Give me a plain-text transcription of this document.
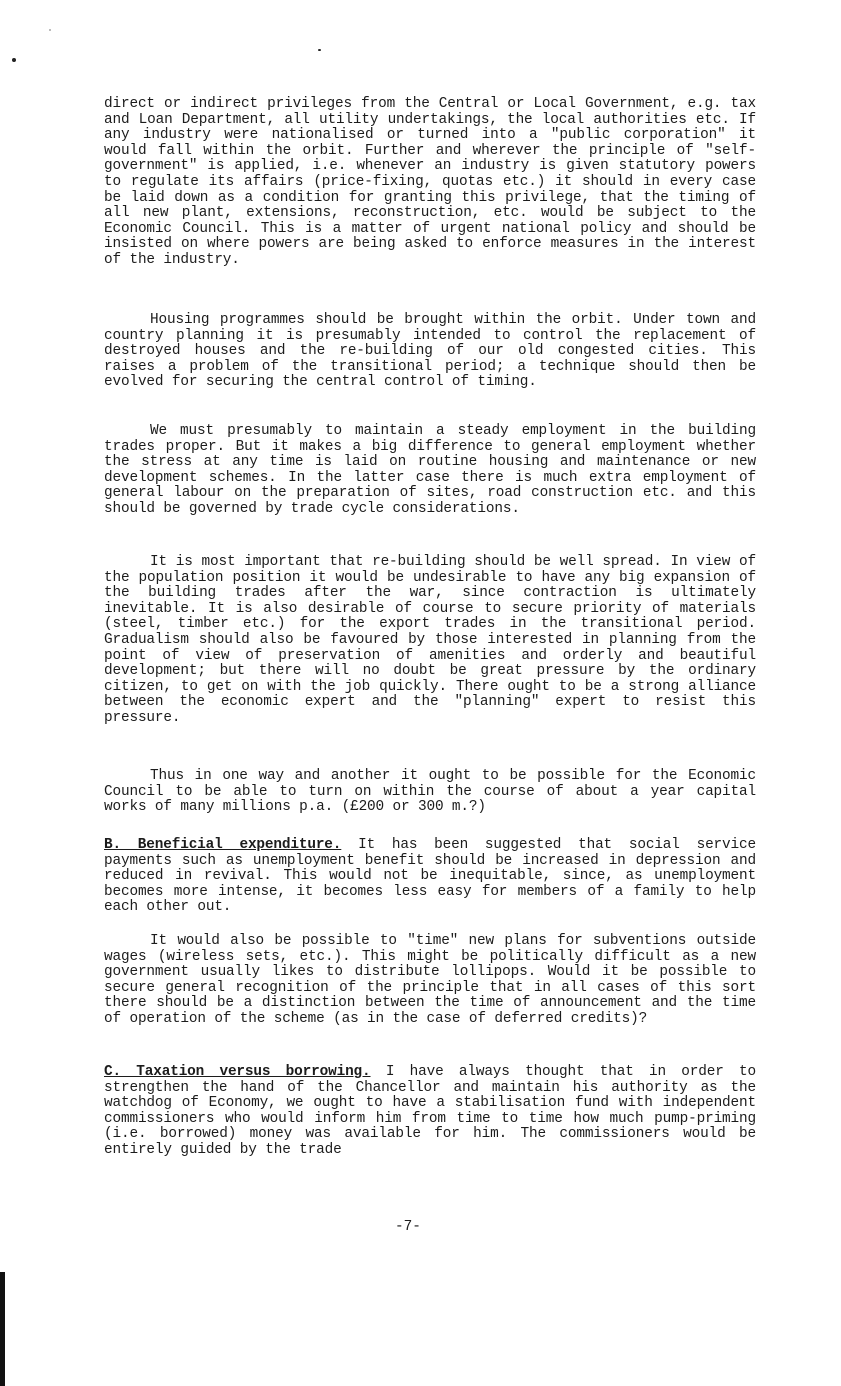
direct or indirect privileges from the Central or Local Government, e.g. tax and Loan Department, all utility undertakings, the local authorities etc. If any industry were nationalised or turned into a "public corporation" it would fall within the orbit. Further and wherever the principle of "self-government" is applied, i.e. whenever an industry is given statutory powers to regulate its affairs (price-fixing, quotas etc.) it should in every case be laid down as a condition for granting this privilege, that the timing of all new plant, extensions, reconstruction, etc. would be subject to the Economic Council. This is a matter of urgent national policy and should be insisted on where powers are being asked to enforce measures in the interest of the industry.

Housing programmes should be brought within the orbit. Under town and country planning it is presumably intended to control the replacement of destroyed houses and the re-building of our old congested cities. This raises a problem of the transitional period; a technique should then be evolved for securing the central control of timing.

We must presumably to maintain a steady employment in the building trades proper. But it makes a big difference to general employment whether the stress at any time is laid on routine housing and maintenance or new development schemes. In the latter case there is much extra employment of general labour on the preparation of sites, road construction etc. and this should be governed by trade cycle considerations.

It is most important that re-building should be well spread. In view of the population position it would be undesirable to have any big expansion of the building trades after the war, since contraction is ultimately inevitable. It is also desirable of course to secure priority of materials (steel, timber etc.) for the export trades in the transitional period. Gradualism should also be favoured by those interested in planning from the point of view of preservation of amenities and orderly and beautiful development; but there will no doubt be great pressure by the ordinary citizen, to get on with the job quickly. There ought to be a strong alliance between the economic expert and the "planning" expert to resist this pressure.

Thus in one way and another it ought to be possible for the Economic Council to be able to turn on within the course of about a year capital works of many millions p.a. (£200 or 300 m.?)

B. Beneficial expenditure. It has been suggested that social service payments such as unemployment benefit should be increased in depression and reduced in revival. This would not be inequitable, since, as unemployment becomes more intense, it becomes less easy for members of a family to help each other out.

It would also be possible to "time" new plans for subventions outside wages (wireless sets, etc.). This might be politically difficult as a new government usually likes to distribute lollipops. Would it be possible to secure general recognition of the principle that in all cases of this sort there should be a distinction between the time of announcement and the time of operation of the scheme (as in the case of deferred credits)?

C. Taxation versus borrowing. I have always thought that in order to strengthen the hand of the Chancellor and maintain his authority as the watchdog of Economy, we ought to have a stabilisation fund with independent commissioners who would inform him from time to time how much pump-priming (i.e. borrowed) money was available for him. The commissioners would be entirely guided by the trade

-7-
